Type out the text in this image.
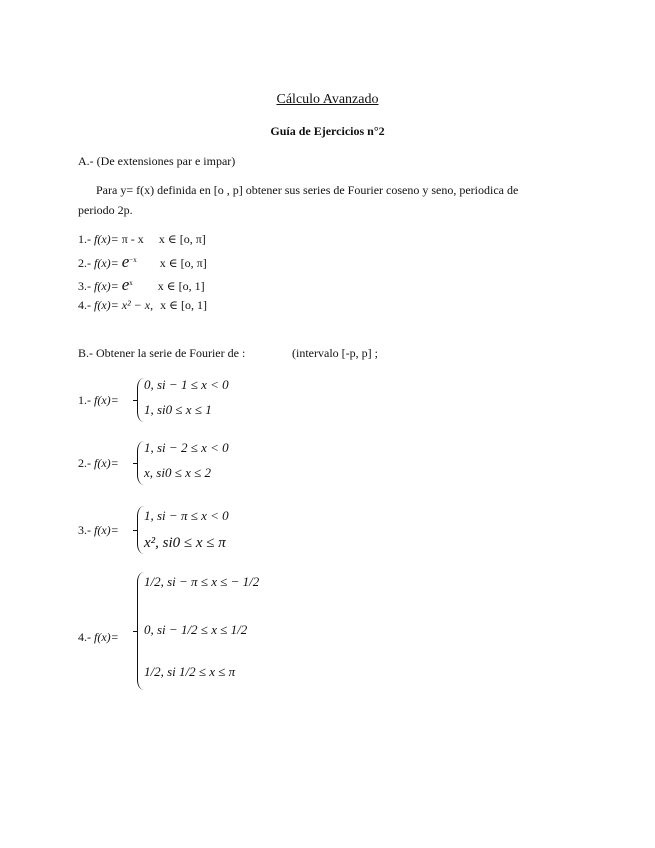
Cálculo Avanzado
Guía de Ejercicios n°2
A.- (De extensiones par e impar)
Para y= f(x) definida en [o , p] obtener sus series de Fourier coseno y seno, periodica de
periodo 2p.
1.- f(x)= π - x x ∈ [o, π]
2.- $f(x)= e^{-x}$ x ∈ [o, π]
3.- $f(x)= e^x$ x ∈ [o, 1]
4.- f(x)= x² − x, x ∈ [o, 1]
B.- Obtener la serie de Fourier de :	(intervalo [-p, p] ;
1.- f(x)=
0, si − 1 ≤ x < 0
1, si0 ≤ x ≤ 1
2.- f(x)=
1, si − 2 ≤ x < 0
x, si0 ≤ x ≤ 2
3.- f(x)=
1, si − π ≤ x < 0
x², si0 ≤ x ≤ π
4.- f(x)=
1/2, si − π ≤ x ≤ − 1/2
0, si − 1/2 ≤ x ≤ 1/2
1/2, si 1/2 ≤ x ≤ π
